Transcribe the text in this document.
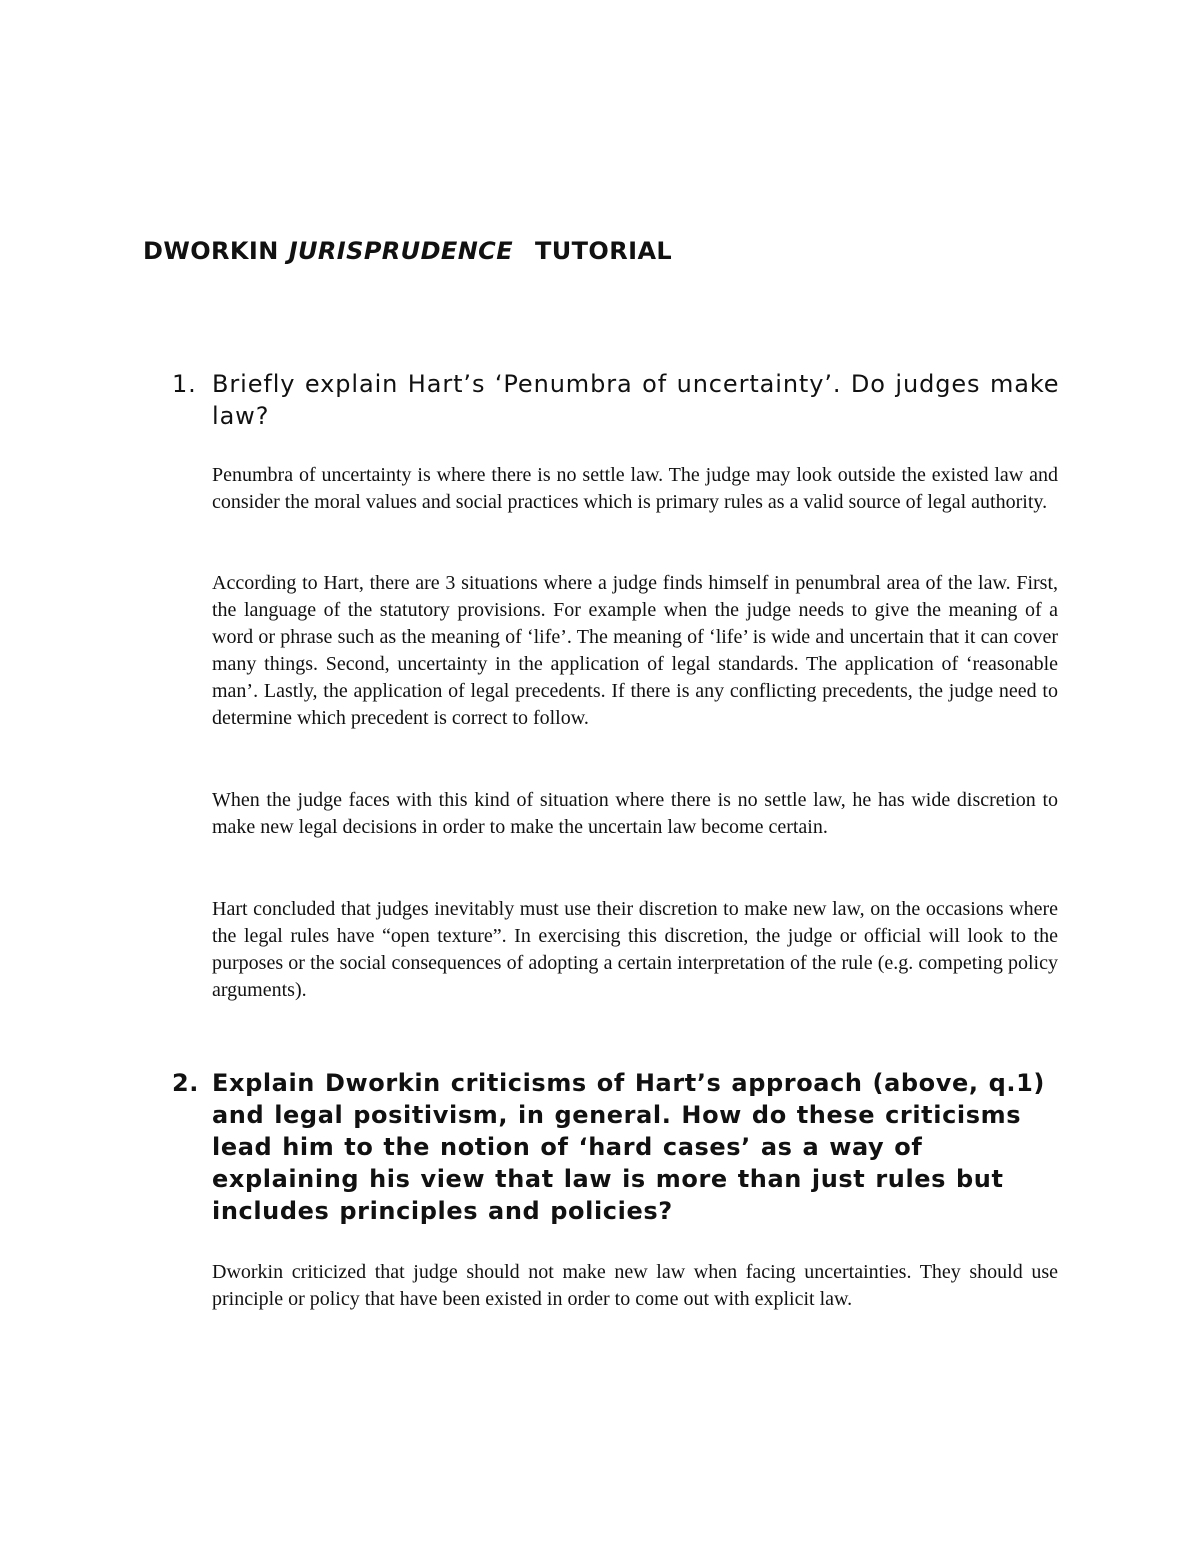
DWORKIN JURISPRUDENCE TUTORIAL
1. Briefly explain Hart’s ‘Penumbra of uncertainty’. Do judges make law?
Penumbra of uncertainty is where there is no settle law. The judge may look outside the existed law and consider the moral values and social practices which is primary rules as a valid source of legal authority.
According to Hart, there are 3 situations where a judge finds himself in penumbral area of the law. First, the language of the statutory provisions. For example when the judge needs to give the meaning of a word or phrase such as the meaning of ‘life’. The meaning of ‘life’ is wide and uncertain that it can cover many things. Second, uncertainty in the application of legal standards. The application of ‘reasonable man’. Lastly, the application of legal precedents. If there is any conflicting precedents, the judge need to determine which precedent is correct to follow.
When the judge faces with this kind of situation where there is no settle law, he has wide discretion to make new legal decisions in order to make the uncertain law become certain.
Hart concluded that judges inevitably must use their discretion to make new law, on the occasions where the legal rules have “open texture”. In exercising this discretion, the judge or official will look to the purposes or the social consequences of adopting a certain interpretation of the rule (e.g. competing policy arguments).
2. Explain Dworkin criticisms of Hart’s approach (above, q.1) and legal positivism, in general. How do these criticisms lead him to the notion of ‘hard cases’ as a way of explaining his view that law is more than just rules but includes principles and policies?
Dworkin criticized that judge should not make new law when facing uncertainties. They should use principle or policy that have been existed in order to come out with explicit law.
